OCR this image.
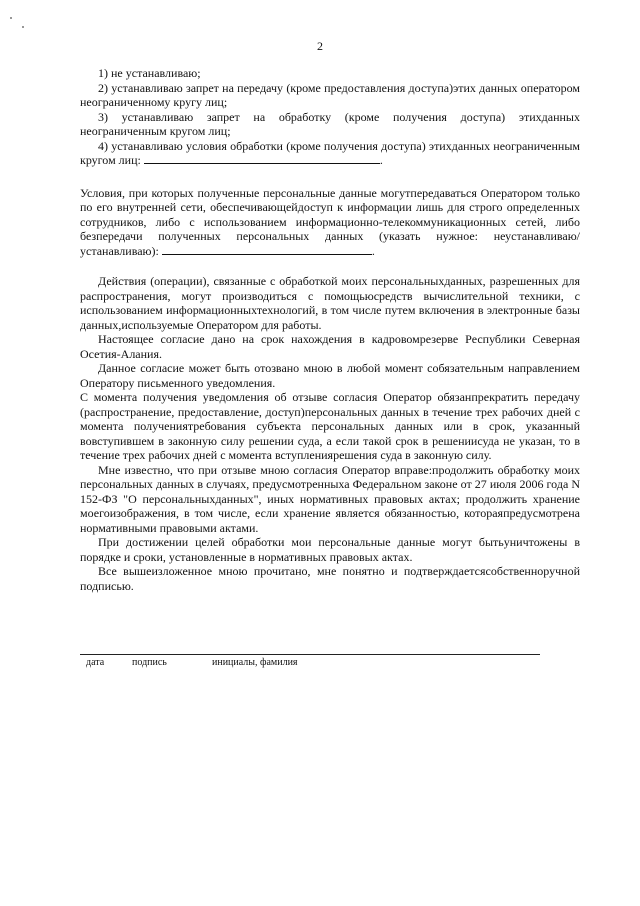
2

1) не устанавливаю;

2) устанавливаю запрет на передачу (кроме предоставления доступа)этих данных оператором неограниченному кругу лиц;

3) устанавливаю запрет на обработку (кроме получения доступа) этихданных неограниченным кругом лиц;

4) устанавливаю условия обработки (кроме получения доступа) этихданных неограниченным кругом лиц:	.

Условия, при которых полученные персональные данные могутпередаваться Оператором только по его внутренней сети, обеспечивающейдоступ к информации лишь для строго определенных сотрудников, либо с использованием информационно-телекоммуникационных сетей, либо безпередачи полученных персональных данных (указать нужное: неустанавливаю/устанавливаю):	.

Действия (операции), связанные с обработкой моих персональныхданных, разрешенных для распространения, могут производиться с помощьюсредств вычислительной техники, с использованием информационныхтехнологий, в том числе путем включения в электронные базы данных,используемые Оператором для работы.

Настоящее согласие дано на срок нахождения в кадровомрезерве Республики Северная Осетия-Алания.

Данное согласие может быть отозвано мною в любой момент собязательным направлением Оператору письменного уведомления.

С момента получения уведомления об отзыве согласия Оператор обязанпрекратить передачу (распространение, предоставление, доступ)персональных данных в течение трех рабочих дней с момента получениятребования субъекта персональных данных или в срок, указанный вовступившем в законную силу решении суда, а если такой срок в решениисуда не указан, то в течение трех рабочих дней с момента вступлениярешения суда в законную силу.

Мне известно, что при отзыве мною согласия Оператор вправе:продолжить обработку моих персональных данных в случаях, предусмотренныха Федеральном законе от 27 июля 2006 года N 152-ФЗ "О персональныхданных", иных нормативных правовых актах; продолжить хранение моегоизображения, в том числе, если хранение является обязанностью, котораяпредусмотрена нормативными правовыми актами.

При достижении целей обработки мои персональные данные могут бытьуничтожены в порядке и сроки, установленные в нормативных правовых актах.

Все вышеизложенное мною прочитано, мне понятно и подтверждаетсясобственноручной подписью.

дата	подпись	инициалы, фамилия
